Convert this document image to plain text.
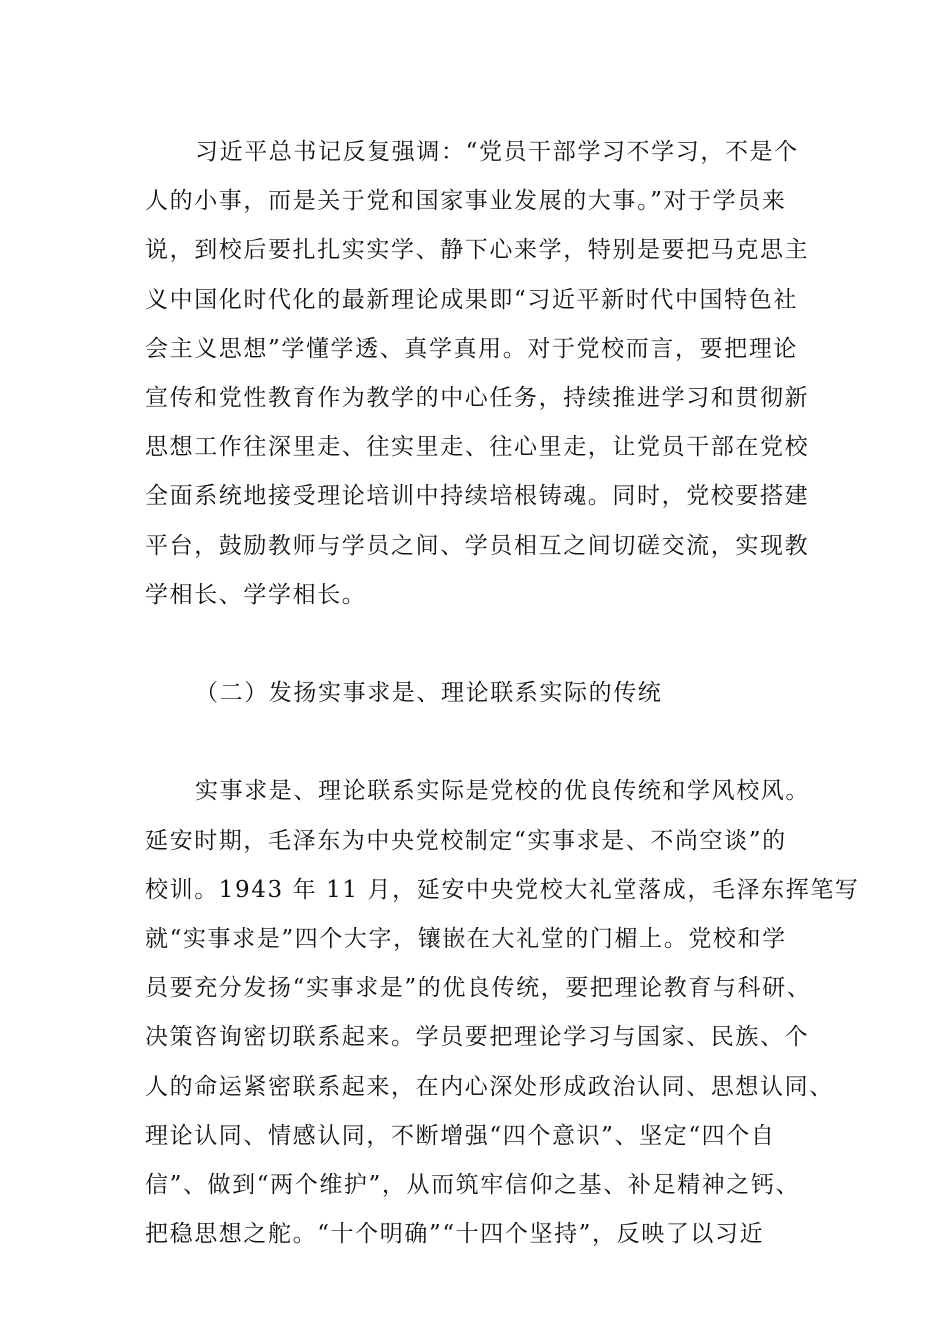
习近平总书记反复强调：“党员干部学习不学习，不是个
人的小事，而是关于党和国家事业发展的大事。”对于学员来
说，到校后要扎扎实实学、静下心来学，特别是要把马克思主
义中国化时代化的最新理论成果即“习近平新时代中国特色社
会主义思想”学懂学透、真学真用。对于党校而言，要把理论
宣传和党性教育作为教学的中心任务，持续推进学习和贯彻新
思想工作往深里走、往实里走、往心里走，让党员干部在党校
全面系统地接受理论培训中持续培根铸魂。同时，党校要搭建
平台，鼓励教师与学员之间、学员相互之间切磋交流，实现教
学相长、学学相长。
（二）发扬实事求是、理论联系实际的传统
实事求是、理论联系实际是党校的优良传统和学风校风。
延安时期，毛泽东为中央党校制定“实事求是、不尚空谈”的
校训。1943 年 11 月，延安中央党校大礼堂落成，毛泽东挥笔写
就“实事求是”四个大字，镶嵌在大礼堂的门楣上。党校和学
员要充分发扬“实事求是”的优良传统，要把理论教育与科研、
决策咨询密切联系起来。学员要把理论学习与国家、民族、个
人的命运紧密联系起来，在内心深处形成政治认同、思想认同、
理论认同、情感认同，不断增强“四个意识”、坚定“四个自
信”、做到“两个维护”，从而筑牢信仰之基、补足精神之钙、
把稳思想之舵。“十个明确”“十四个坚持”，反映了以习近
